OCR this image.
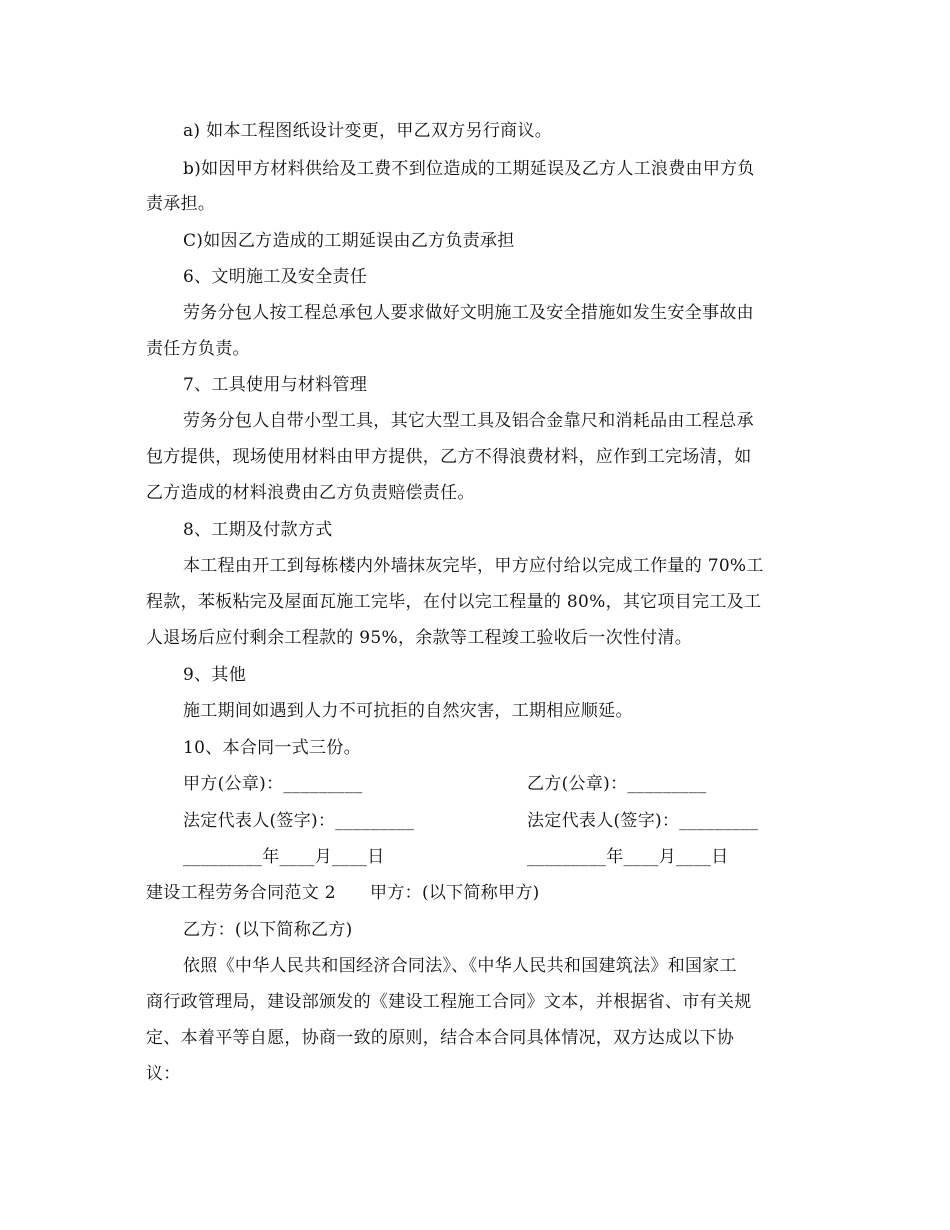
a) 如本工程图纸设计变更，甲乙双方另行商议。
b)如因甲方材料供给及工费不到位造成的工期延误及乙方人工浪费由甲方负
责承担。
C)如因乙方造成的工期延误由乙方负责承担
6、文明施工及安全责任
劳务分包人按工程总承包人要求做好文明施工及安全措施如发生安全事故由
责任方负责。
7、工具使用与材料管理
劳务分包人自带小型工具，其它大型工具及铝合金靠尺和消耗品由工程总承
包方提供，现场使用材料由甲方提供，乙方不得浪费材料，应作到工完场清，如
乙方造成的材料浪费由乙方负责赔偿责任。
8、工期及付款方式
本工程由开工到每栋楼内外墙抹灰完毕，甲方应付给以完成工作量的 70%工
程款，苯板粘完及屋面瓦施工完毕，在付以完工程量的 80%，其它项目完工及工
人退场后应付剩余工程款的 95%，余款等工程竣工验收后一次性付清。
9、其他
施工期间如遇到人力不可抗拒的自然灾害，工期相应顺延。
10、本合同一式三份。
甲方(公章)：_________	乙方(公章)：_________
法定代表人(签字)：_________	法定代表人(签字)：_________
_________年____月____日	_________年____月____日
建设工程劳务合同范文 2      甲方：(以下简称甲方)
乙方：(以下简称乙方)
依照《中华人民共和国经济合同法》、《中华人民共和国建筑法》和国家工
商行政管理局，建设部颁发的《建设工程施工合同》文本，并根据省、市有关规
定、本着平等自愿，协商一致的原则，结合本合同具体情况，双方达成以下协
议：
